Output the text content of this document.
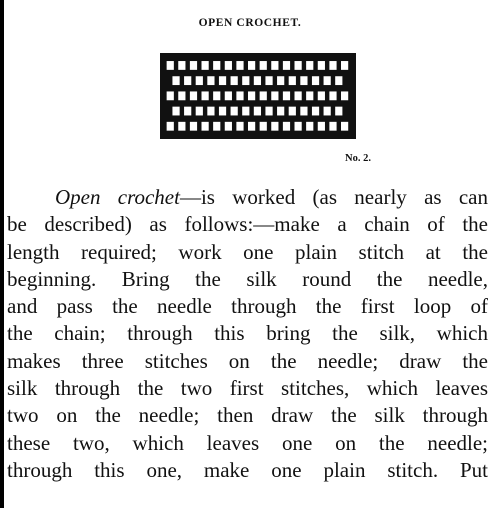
OPEN CROCHET.
No. 2.
Open crochet—is worked (as nearly as can
be described) as follows:—make a chain of the
length required; work one plain stitch at the
beginning. Bring the silk round the needle,
and pass the needle through the first loop of
the chain; through this bring the silk, which
makes three stitches on the needle; draw the
silk through the two first stitches, which leaves
two on the needle; then draw the silk through
these two, which leaves one on the needle;
through this one, make one plain stitch. Put
